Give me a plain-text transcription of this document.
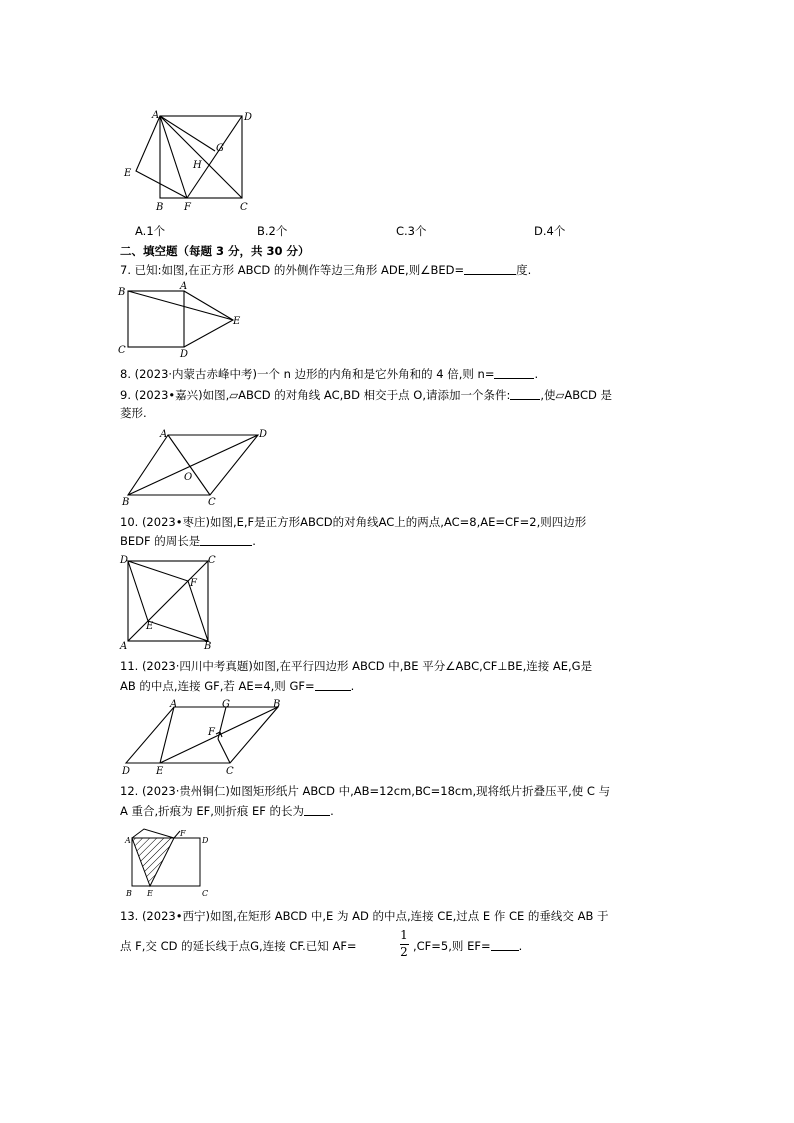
A	D
E
G
H
B F	C
A.1个	B.2个	C.3个	D.4个
二、填空题（每题 3 分，共 30 分）
7. 已知:如图,在正方形 ABCD 的外侧作等边三角形 ADE,则∠BED=	度.
B
A
E
C	D
8. (2023·内蒙古赤峰中考)一个 n 边形的内角和是它外角和的 4 倍,则 n=	.
9. (2023•嘉兴)如图,▱ABCD 的对角线 AC,BD 相交于点 O,请添加一个条件:	,使▱ABCD 是
菱形.
A	D
O
B	C
10. (2023•枣庄)如图,E,F是正方形ABCD的对角线AC上的两点,AC=8,AE=CF=2,则四边形
BEDF 的周长是	.
D	C
F
E
A	B
11. (2023·四川中考真题)如图,在平行四边形 ABCD 中,BE 平分∠ABC,CF⊥BE,连接 AE,G是
AB 的中点,连接 GF,若 AE=4,则 GF=	.
A	G	B
F
D	E	C
12. (2023·贵州铜仁)如图矩形纸片 ABCD 中,AB=12cm,BC=18cm,现将纸片折叠压平,使 C 与
A 重合,折痕为 EF,则折痕 EF 的长为 .
A
F
D
B E	C
13. (2023•西宁)如图,在矩形 ABCD 中,E 为 AD 的中点,连接 CE,过点 E 作 CE 的垂线交 AB 于
点 F,交 CD 的延长线于点G,连接 CF.已知 AF=
1
2 ,CF=5,则 EF= .
